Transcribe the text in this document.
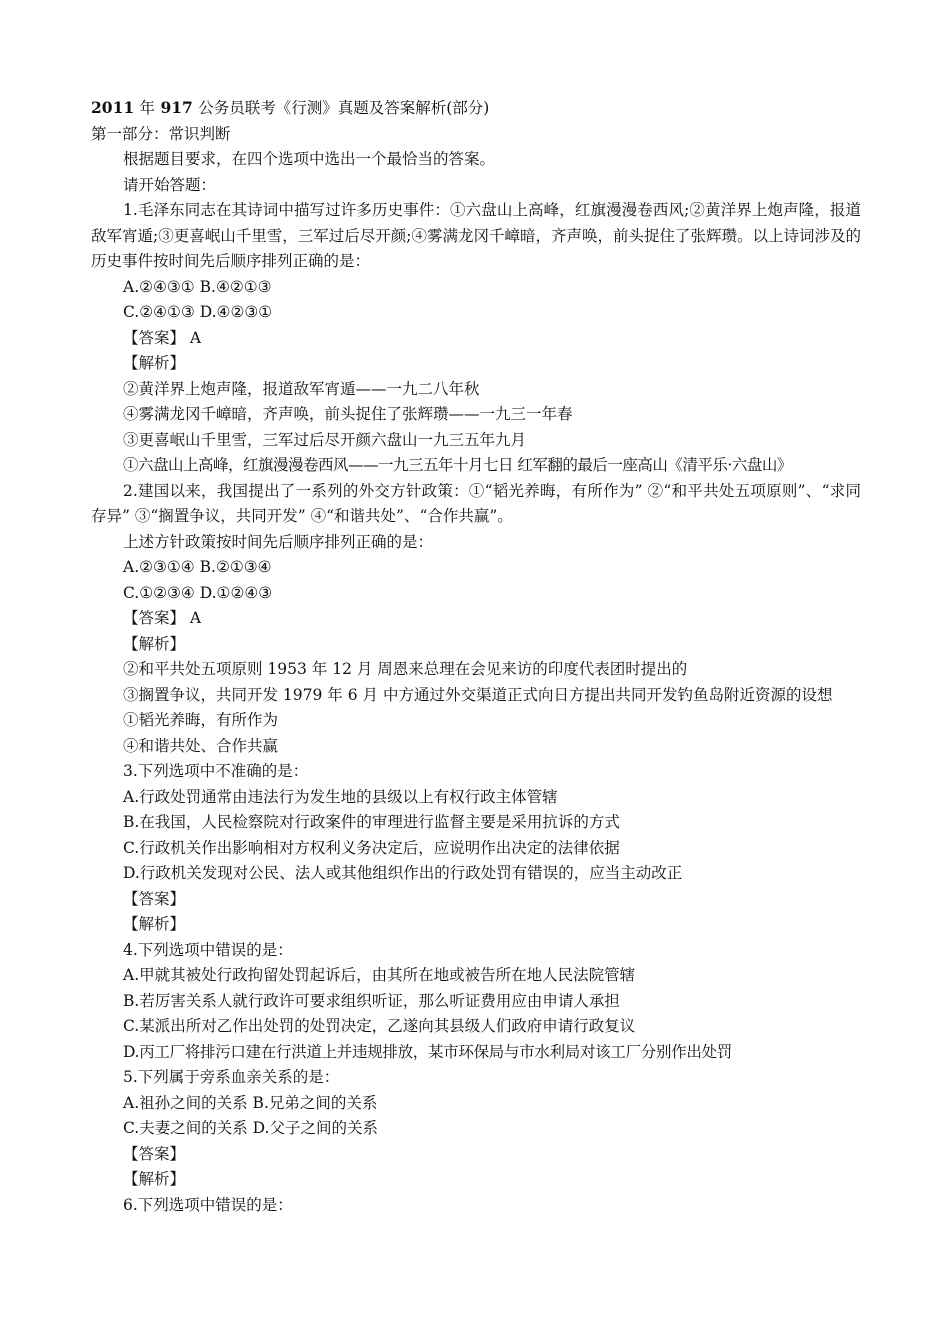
2011 年 917 公务员联考《行测》真题及答案解析(部分)
第一部分：常识判断
根据题目要求，在四个选项中选出一个最恰当的答案。
请开始答题：
1.毛泽东同志在其诗词中描写过许多历史事件：①六盘山上高峰，红旗漫漫卷西风;②黄洋界上炮声隆，报道敌军宵遁;③更喜岷山千里雪，三军过后尽开颜;④雾满龙冈千嶂暗，齐声唤，前头捉住了张辉瓒。以上诗词涉及的历史事件按时间先后顺序排列正确的是：
A.②④③① B.④②①③
C.②④①③ D.④②③①
【答案】 A
【解析】
②黄洋界上炮声隆，报道敌军宵遁——一九二八年秋
④雾满龙冈千嶂暗，齐声唤，前头捉住了张辉瓒——一九三一年春
③更喜岷山千里雪，三军过后尽开颜六盘山一九三五年九月
①六盘山上高峰，红旗漫漫卷西风——一九三五年十月七日 红军翻的最后一座高山《清平乐·六盘山》
2.建国以来，我国提出了一系列的外交方针政策：①“韬光养晦，有所作为” ②“和平共处五项原则”、“求同存异” ③“搁置争议，共同开发” ④“和谐共处”、“合作共赢”。
上述方针政策按时间先后顺序排列正确的是：
A.②③①④ B.②①③④
C.①②③④ D.①②④③
【答案】 A
【解析】
②和平共处五项原则 1953 年 12 月 周恩来总理在会见来访的印度代表团时提出的
③搁置争议，共同开发 1979 年 6 月 中方通过外交渠道正式向日方提出共同开发钓鱼岛附近资源的设想
①韬光养晦，有所作为
④和谐共处、合作共赢
3.下列选项中不准确的是：
A.行政处罚通常由违法行为发生地的县级以上有权行政主体管辖
B.在我国，人民检察院对行政案件的审理进行监督主要是采用抗诉的方式
C.行政机关作出影响相对方权利义务决定后，应说明作出决定的法律依据
D.行政机关发现对公民、法人或其他组织作出的行政处罚有错误的，应当主动改正
【答案】
【解析】
4.下列选项中错误的是：
A.甲就其被处行政拘留处罚起诉后，由其所在地或被告所在地人民法院管辖
B.若厉害关系人就行政许可要求组织听证，那么听证费用应由申请人承担
C.某派出所对乙作出处罚的处罚决定，乙遂向其县级人们政府申请行政复议
D.丙工厂将排污口建在行洪道上并违规排放，某市环保局与市水利局对该工厂分别作出处罚
5.下列属于旁系血亲关系的是：
A.祖孙之间的关系 B.兄弟之间的关系
C.夫妻之间的关系 D.父子之间的关系
【答案】
【解析】
6.下列选项中错误的是：
